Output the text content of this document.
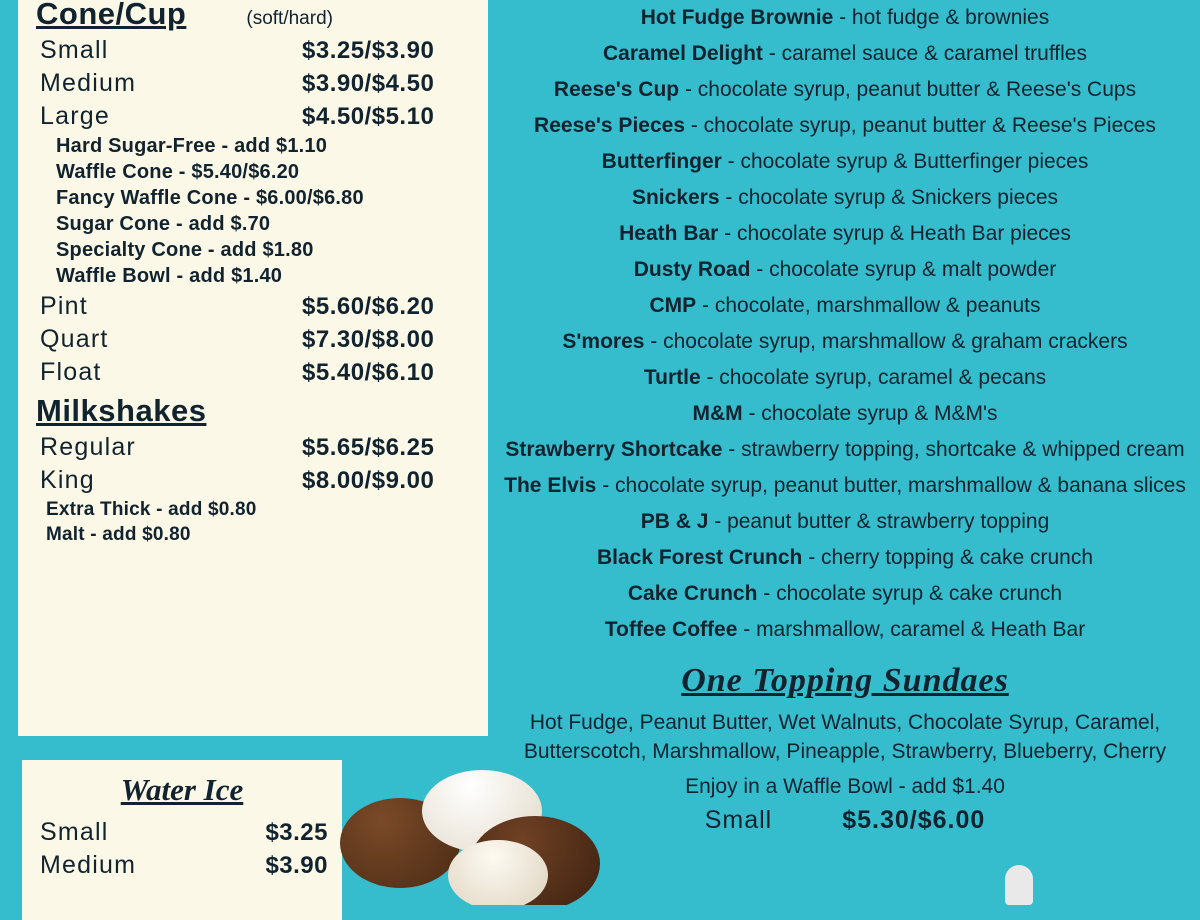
Cone/Cup	(soft/hard)
Small	$3.25/$3.90
Medium	$3.90/$4.50
Large	$4.50/$5.10
Hard Sugar-Free - add $1.10
Waffle Cone - $5.40/$6.20
Fancy Waffle Cone - $6.00/$6.80
Sugar Cone - add $.70
Specialty Cone - add $1.80
Waffle Bowl - add $1.40
Pint	$5.60/$6.20
Quart	$7.30/$8.00
Float	$5.40/$6.10
Milkshakes
Regular	$5.65/$6.25
King	$8.00/$9.00
Extra Thick - add $0.80
Malt - add $0.80
Water Ice
Small	$3.25
Medium	$3.90
Hot Fudge Brownie - hot fudge & brownies
Caramel Delight - caramel sauce & caramel truffles
Reese's Cup - chocolate syrup, peanut butter & Reese's Cups
Reese's Pieces - chocolate syrup, peanut butter & Reese's Pieces
Butterfinger - chocolate syrup & Butterfinger pieces
Snickers - chocolate syrup & Snickers pieces
Heath Bar - chocolate syrup & Heath Bar pieces
Dusty Road - chocolate syrup & malt powder
CMP - chocolate, marshmallow & peanuts
S'mores - chocolate syrup, marshmallow & graham crackers
Turtle - chocolate syrup, caramel & pecans
M&M - chocolate syrup & M&M's
Strawberry Shortcake - strawberry topping, shortcake & whipped cream
The Elvis - chocolate syrup, peanut butter, marshmallow & banana slices
PB & J - peanut butter & strawberry topping
Black Forest Crunch - cherry topping & cake crunch
Cake Crunch - chocolate syrup & cake crunch
Toffee Coffee - marshmallow, caramel & Heath Bar
One Topping Sundaes
Hot Fudge, Peanut Butter, Wet Walnuts, Chocolate Syrup, Caramel,
Butterscotch, Marshmallow, Pineapple, Strawberry, Blueberry, Cherry
Enjoy in a Waffle Bowl - add $1.40
Small	$5.30/$6.00
